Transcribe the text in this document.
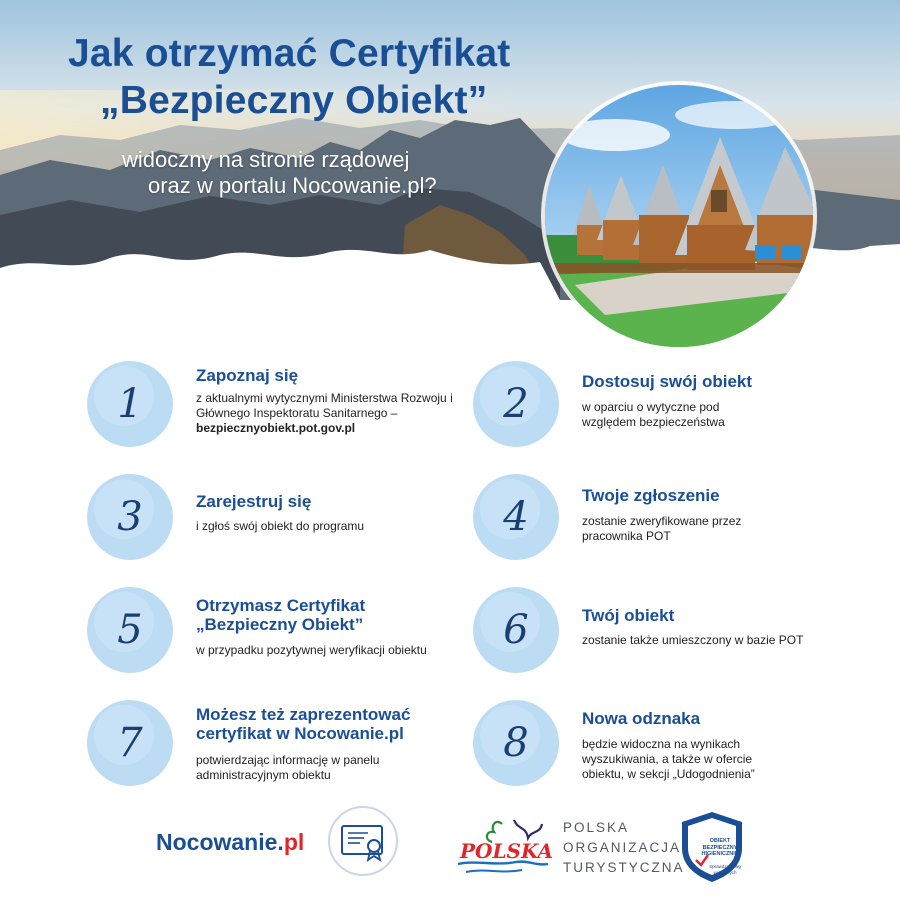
Jak otrzymać Certyfikat
„Bezpieczny Obiekt”

widoczny na stronie rządowej
oraz w portalu Nocowanie.pl?

1
Zapoznaj się

z aktualnymi wytycznymi Ministerstwa Rozwoju i Głównego Inspektoratu Sanitarnego – bezpiecznyobiekt.pot.gov.pl

2	Dostosuj swój obiekt

w oparciu o wytyczne pod względem bezpieczeństwa

3	Zarejestruj się

i zgłoś swój obiekt do programu	4	Twoje zgłoszenie

zostanie zweryfikowane przez pracownika POT

5
Otrzymasz Certyfikat „Bezpieczny Obiekt”

w przypadku pozytywnej weryfikacji obiektu	6	Twój obiekt

zostanie także umieszczony w bazie POT

7
Możesz też zaprezentować certyfikat w Nocowanie.pl

potwierdzając informację w panelu administracyjnym obiektu

8
Nowa odznaka

będzie widoczna na wynikach wyszukiwania, a także w ofercie obiektu, w sekcji „Udogodnienia”

Nocowanie.pl	POLSKA
POLSKA
ORGANIZACJA
TURYSTYCZNA
OBIEKT
BEZPIECZNY
HIGIENICZNIE
Sprawdzony wg wytycznych
